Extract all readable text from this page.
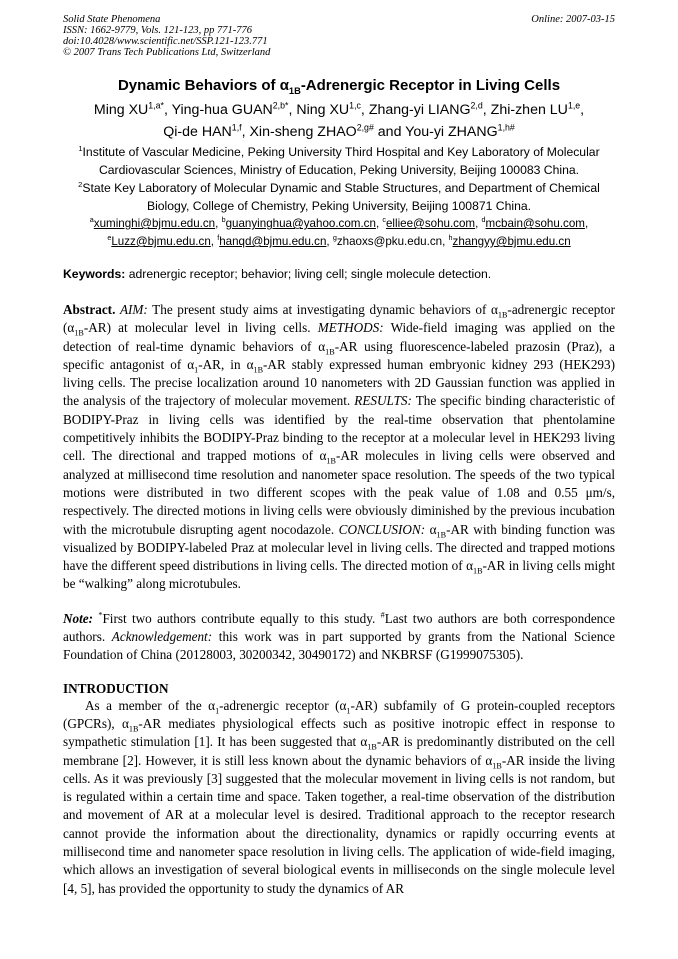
Solid State Phenomena
ISSN: 1662-9779, Vols. 121-123, pp 771-776
doi:10.4028/www.scientific.net/SSP.121-123.771
© 2007 Trans Tech Publications Ltd, Switzerland
Online: 2007-03-15
Dynamic Behaviors of $\alpha_{1B}$-Adrenergic Receptor in Living Cells
Ming $XU^{1,a*}$, Ying-hua $GUAN^{2,b*}$, Ning XU$^{1,c}$, Zhang-yi LIANG$^{2,d}$, Zhi-zhen LU$^{1,e}$,
Qi-de HAN$^{1,f}$, Xin-sheng $ZHAO^{2,g\#}$ and You-yi $ZHANG^{1,h\#}$
$^1$Institute of Vascular Medicine, Peking University Third Hospital and Key Laboratory of Molecular Cardiovascular Sciences, Ministry of Education, Peking University, Beijing 100083 China.
$^2$State Key Laboratory of Molecular Dynamic and Stable Structures, and Department of Chemical Biology, College of Chemistry, Peking University, Beijing 100871 China.
$^a$xuminghi@bjmu.edu.cn, $^b$guanyinghua@yahoo.com.cn, $^c$elliee@sohu.com, $^d$mcbain@sohu.com,
$^e$Luzz@bjmu.edu.cn, $^f$hanqd@bjmu.edu.cn, $^g$zhaoxs@pku.edu.cn, $^h$zhangyy@bjmu.edu.cn
Keywords: adrenergic receptor; behavior; living cell; single molecule detection.
Abstract. AIM: The present study aims at investigating dynamic behaviors of $\alpha_{1B}$-adrenergic receptor $(\alpha_{1B}-AR)$ at molecular level in living cells. METHODS: Wide-field imaging was applied on the detection of real-time dynamic behaviors of $\alpha_{1B}-AR$ using fluorescence-labeled prazosin (Praz), a specific antagonist of $\alpha_1-AR$, in $\alpha_{1B}-AR$ stably expressed human embryonic kidney 293 (HEK293) living cells. The precise localization around 10 nanometers with 2D Gaussian function was applied in the analysis of the trajectory of molecular movement. RESULTS: The specific binding characteristic of BODIPY-Praz in living cells was identified by the real-time observation that phentolamine competitively inhibits the BODIPY-Praz binding to the receptor at a molecular level in HEK293 living cell. The directional and trapped motions of $\alpha_{1B}-AR$ molecules in living cells were observed and analyzed at millisecond time resolution and nanometer space resolution. The speeds of the two typical motions were distributed in two different scopes with the peak value of 1.08 and 0.55 μm/s, respectively. The directed motions in living cells were obviously diminished by the previous incubation with the microtubule disrupting agent nocodazole. CONCLUSION: $\alpha_{1B}-AR$ with binding function was visualized by BODIPY-labeled Praz at molecular level in living cells. The directed and trapped motions have the different speed distributions in living cells. The directed motion of $\alpha_{1B}-AR$ in living cells might be “walking” along microtubules.
Note: *First two authors contribute equally to this study. #Last two authors are both correspondence authors. Acknowledgement: this work was in part supported by grants from the National Science Foundation of China (20128003, 30200342, 30490172) and NKBRSF (G1999075305).
INTRODUCTION
As a member of the $\alpha_1$-adrenergic receptor $(\alpha_1-AR)$ subfamily of G protein-coupled receptors (GPCRs), $\alpha_{1B}-AR$ mediates physiological effects such as positive inotropic effect in response to sympathetic stimulation [1]. It has been suggested that $\alpha_{1B}-AR$ is predominantly distributed on the cell membrane [2]. However, it is still less known about the dynamic behaviors of $\alpha_{1B}-AR$ inside the living cells. As it was previously [3] suggested that the molecular movement in living cells is not random, but is regulated within a certain time and space. Taken together, a real-time observation of the distribution and movement of AR at a molecular level is desired. Traditional approach to the receptor research cannot provide the information about the directionality, dynamics or rapidly occurring events at millisecond time and nanometer space resolution in living cells. The application of wide-field imaging, which allows an investigation of several biological events in milliseconds on the single molecule level [4, 5], has provided the opportunity to study the dynamics of AR
